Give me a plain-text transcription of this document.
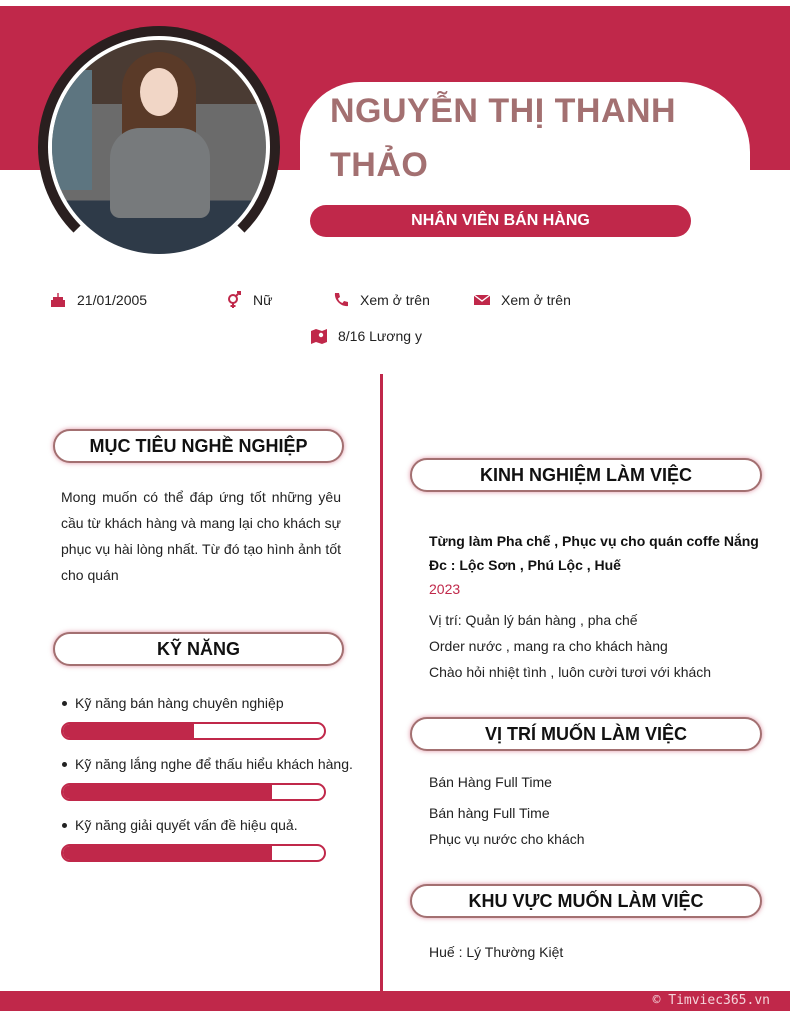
NGUYỄN THỊ THANH THẢO
NHÂN VIÊN BÁN HÀNG
21/01/2005	Nữ	Xem ở trên	Xem ở trên
8/16 Lương y
MỤC TIÊU NGHỀ NGHIỆP
Mong muốn có thể đáp ứng tốt những yêu cầu từ khách hàng và mang lại cho khách sự phục vụ hài lòng nhất. Từ đó tạo hình ảnh tốt cho quán
KỸ NĂNG
Kỹ năng bán hàng chuyên nghiệp
Kỹ năng lắng nghe để thấu hiểu khách hàng.
Kỹ năng giải quyết vấn đề hiệu quả.
KINH NGHIỆM LÀM VIỆC
Từng làm Pha chế , Phục vụ cho quán coffe Nắng
Đc : Lộc Sơn , Phú Lộc , Huế
2023
Vị trí: Quản lý bán hàng , pha chế
Order nước , mang ra cho khách hàng
Chào hỏi nhiệt tình , luôn cười tươi với khách
VỊ TRÍ MUỐN LÀM VIỆC
Bán Hàng Full Time
Bán hàng Full Time
Phục vụ nước cho khách
KHU VỰC MUỐN LÀM VIỆC
Huế : Lý Thường Kiệt
© Timviec365.vn
